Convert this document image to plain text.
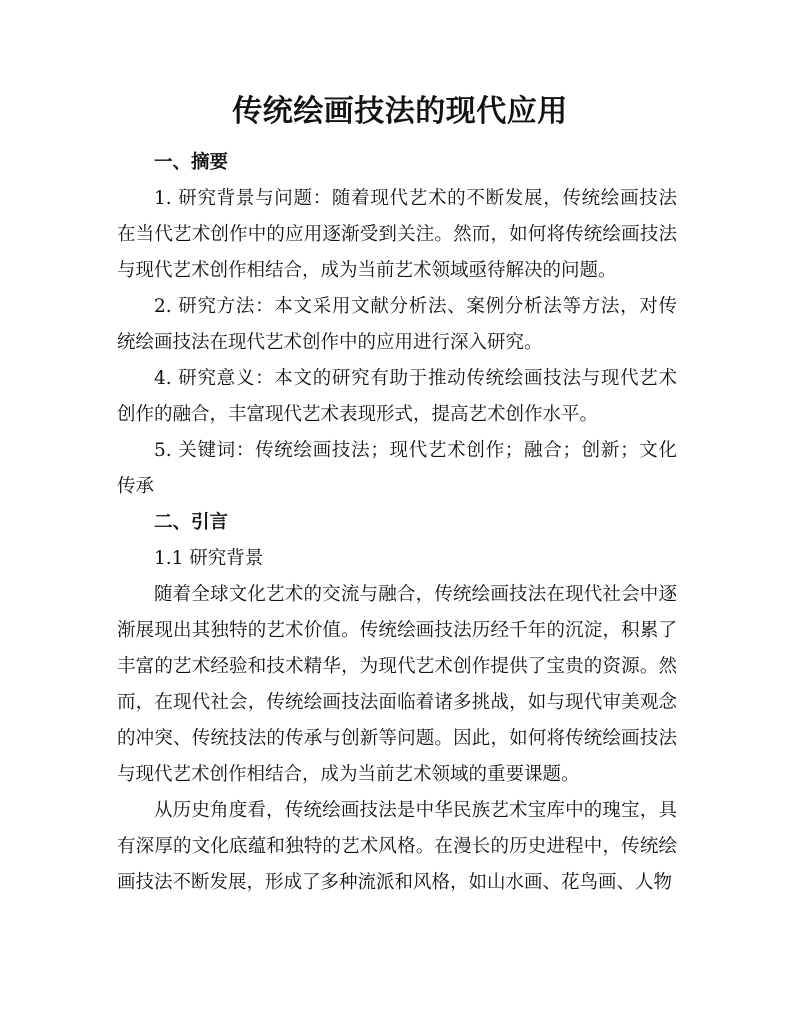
传统绘画技法的现代应用

一、摘要

1. 研究背景与问题：随着现代艺术的不断发展，传统绘画技法在当代艺术创作中的应用逐渐受到关注。然而，如何将传统绘画技法与现代艺术创作相结合，成为当前艺术领域亟待解决的问题。

2. 研究方法：本文采用文献分析法、案例分析法等方法，对传统绘画技法在现代艺术创作中的应用进行深入研究。

4. 研究意义：本文的研究有助于推动传统绘画技法与现代艺术创作的融合，丰富现代艺术表现形式，提高艺术创作水平。

5. 关键词：传统绘画技法；现代艺术创作；融合；创新；文化传承

二、引言

1.1 研究背景

随着全球文化艺术的交流与融合，传统绘画技法在现代社会中逐渐展现出其独特的艺术价值。传统绘画技法历经千年的沉淀，积累了丰富的艺术经验和技术精华，为现代艺术创作提供了宝贵的资源。然而，在现代社会，传统绘画技法面临着诸多挑战，如与现代审美观念的冲突、传统技法的传承与创新等问题。因此，如何将传统绘画技法与现代艺术创作相结合，成为当前艺术领域的重要课题。

从历史角度看，传统绘画技法是中华民族艺术宝库中的瑰宝，具有深厚的文化底蕴和独特的艺术风格。在漫长的历史进程中，传统绘画技法不断发展，形成了多种流派和风格，如山水画、花鸟画、人物
